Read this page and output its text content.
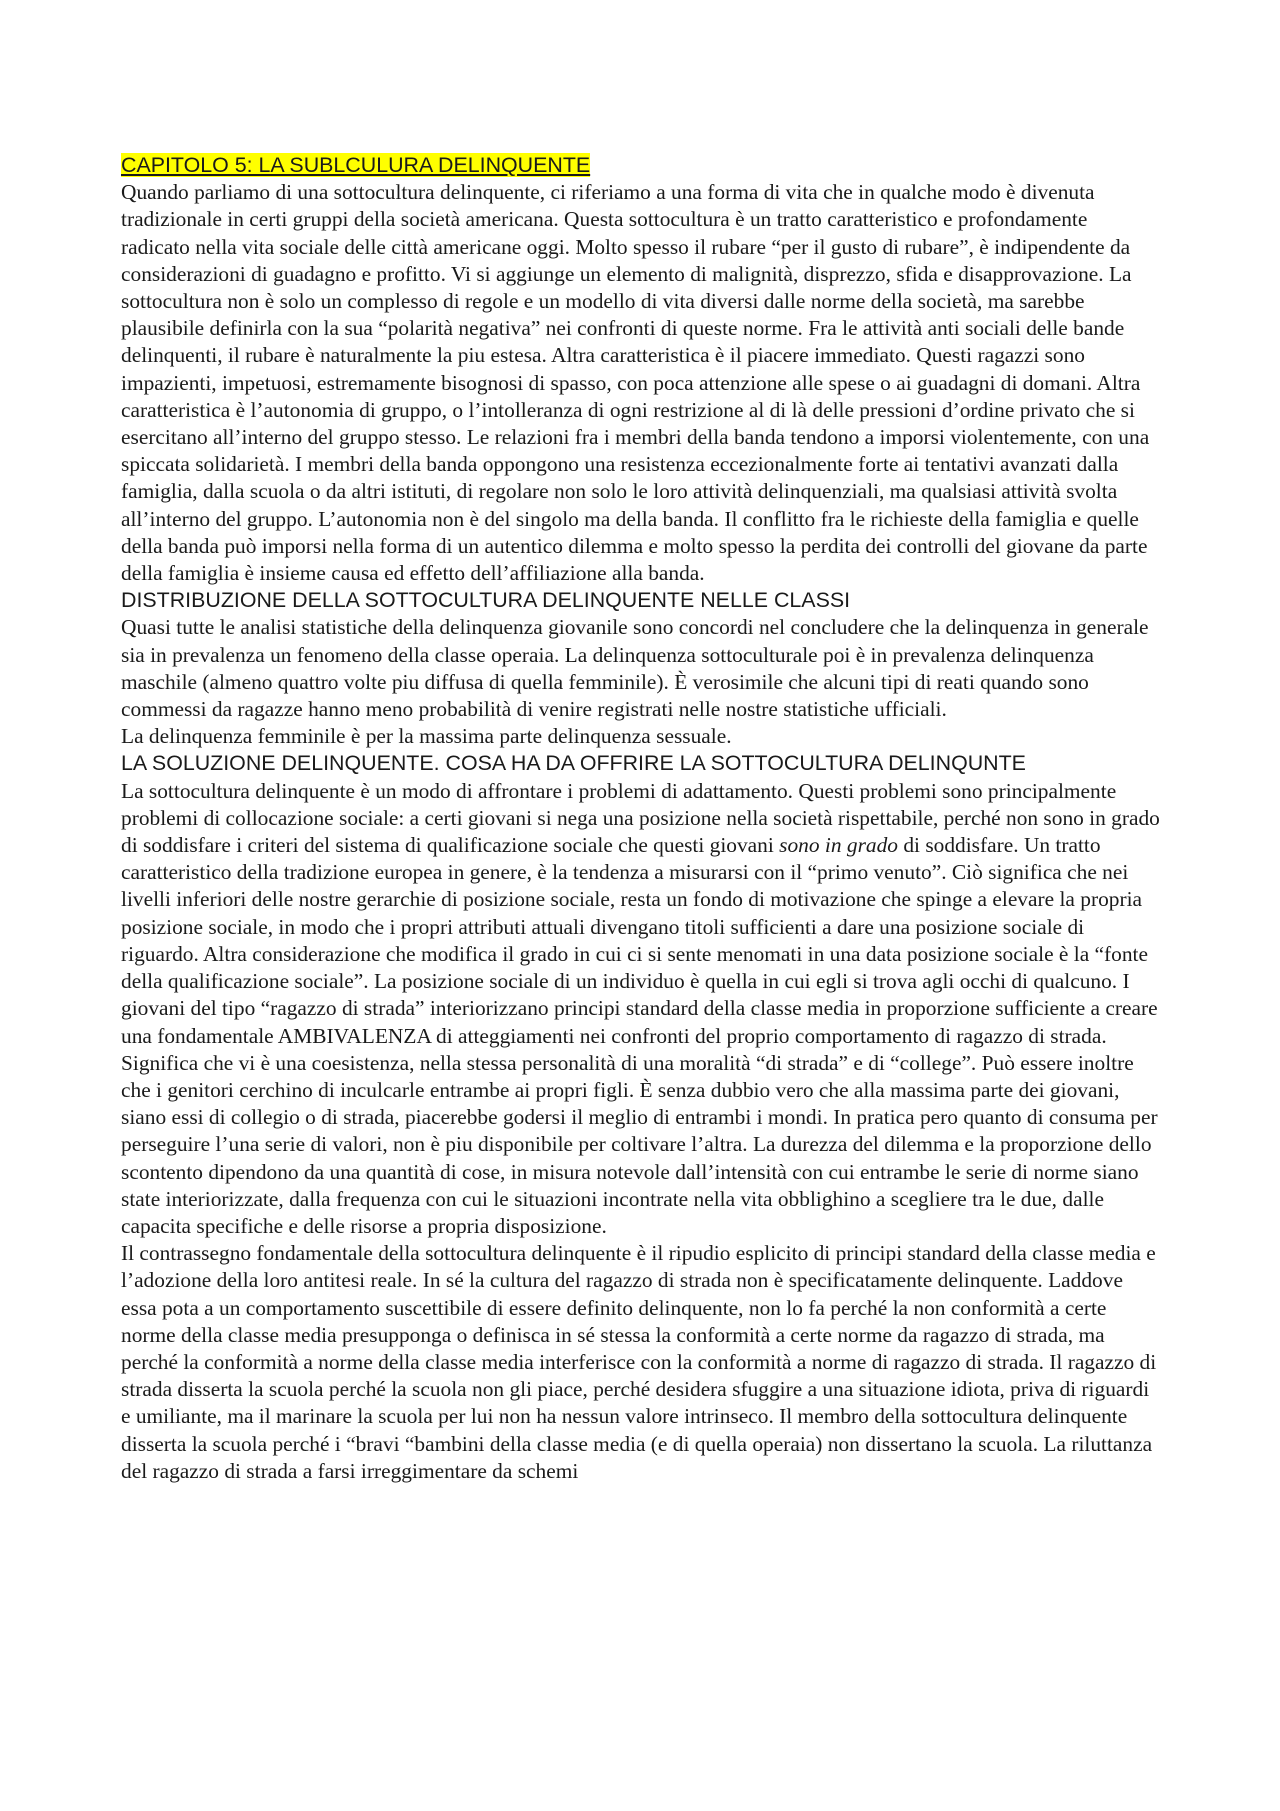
CAPITOLO 5: LA SUBLCULURA DELINQUENTE

Quando parliamo di una sottocultura delinquente, ci riferiamo a una forma di vita che in qualche modo è divenuta tradizionale in certi gruppi della società americana. Questa sottocultura è un tratto caratteristico e profondamente radicato nella vita sociale delle città americane oggi. Molto spesso il rubare “per il gusto di rubare”, è indipendente da considerazioni di guadagno e profitto. Vi si aggiunge un elemento di malignità, disprezzo, sfida e disapprovazione. La sottocultura non è solo un complesso di regole e un modello di vita diversi dalle norme della società, ma sarebbe plausibile definirla con la sua “polarità negativa” nei confronti di queste norme. Fra le attività anti sociali delle bande delinquenti, il rubare è naturalmente la piu estesa. Altra caratteristica è il piacere immediato. Questi ragazzi sono impazienti, impetuosi, estremamente bisognosi di spasso, con poca attenzione alle spese o ai guadagni di domani. Altra caratteristica è l’autonomia di gruppo, o l’intolleranza di ogni restrizione al di là delle pressioni d’ordine privato che si esercitano all’interno del gruppo stesso. Le relazioni fra i membri della banda tendono a imporsi violentemente, con una spiccata solidarietà. I membri della banda oppongono una resistenza eccezionalmente forte ai tentativi avanzati dalla famiglia, dalla scuola o da altri istituti, di regolare non solo le loro attività delinquenziali, ma qualsiasi attività svolta all’interno del gruppo. L’autonomia non è del singolo ma della banda. Il conflitto fra le richieste della famiglia e quelle della banda può imporsi nella forma di un autentico dilemma e molto spesso la perdita dei controlli del giovane da parte della famiglia è insieme causa ed effetto dell’affiliazione alla banda.

DISTRIBUZIONE DELLA SOTTOCULTURA DELINQUENTE NELLE CLASSI

Quasi tutte le analisi statistiche della delinquenza giovanile sono concordi nel concludere che la delinquenza in generale sia in prevalenza un fenomeno della classe operaia. La delinquenza sottoculturale poi è in prevalenza delinquenza maschile (almeno quattro volte piu diffusa di quella femminile). È verosimile che alcuni tipi di reati quando sono commessi da ragazze hanno meno probabilità di venire registrati nelle nostre statistiche ufficiali.

La delinquenza femminile è per la massima parte delinquenza sessuale.

LA SOLUZIONE DELINQUENTE. COSA HA DA OFFRIRE LA SOTTOCULTURA DELINQUNTE

La sottocultura delinquente è un modo di affrontare i problemi di adattamento. Questi problemi sono principalmente problemi di collocazione sociale: a certi giovani si nega una posizione nella società rispettabile, perché non sono in grado di soddisfare i criteri del sistema di qualificazione sociale che questi giovani sono in grado di soddisfare. Un tratto caratteristico della tradizione europea in genere, è la tendenza a misurarsi con il “primo venuto”. Ciò significa che nei livelli inferiori delle nostre gerarchie di posizione sociale, resta un fondo di motivazione che spinge a elevare la propria posizione sociale, in modo che i propri attributi attuali divengano titoli sufficienti a dare una posizione sociale di riguardo. Altra considerazione che modifica il grado in cui ci si sente menomati in una data posizione sociale è la “fonte della qualificazione sociale”. La posizione sociale di un individuo è quella in cui egli si trova agli occhi di qualcuno. I giovani del tipo “ragazzo di strada” interiorizzano principi standard della classe media in proporzione sufficiente a creare una fondamentale AMBIVALENZA di atteggiamenti nei confronti del proprio comportamento di ragazzo di strada. Significa che vi è una coesistenza, nella stessa personalità di una moralità “di strada” e di “college”. Può essere inoltre che i genitori cerchino di inculcarle entrambe ai propri figli. È senza dubbio vero che alla massima parte dei giovani, siano essi di collegio o di strada, piacerebbe godersi il meglio di entrambi i mondi. In pratica pero quanto di consuma per perseguire l’una serie di valori, non è piu disponibile per coltivare l’altra. La durezza del dilemma e la proporzione dello scontento dipendono da una quantità di cose, in misura notevole dall’intensità con cui entrambe le serie di norme siano state interiorizzate, dalla frequenza con cui le situazioni incontrate nella vita obblighino a scegliere tra le due, dalle capacita specifiche e delle risorse a propria disposizione.

Il contrassegno fondamentale della sottocultura delinquente è il ripudio esplicito di principi standard della classe media e l’adozione della loro antitesi reale. In sé la cultura del ragazzo di strada non è specificatamente delinquente. Laddove essa pota a un comportamento suscettibile di essere definito delinquente, non lo fa perché la non conformità a certe norme della classe media presupponga o definisca in sé stessa la conformità a certe norme da ragazzo di strada, ma perché la conformità a norme della classe media interferisce con la conformità a norme di ragazzo di strada. Il ragazzo di strada disserta la scuola perché la scuola non gli piace, perché desidera sfuggire a una situazione idiota, priva di riguardi e umiliante, ma il marinare la scuola per lui non ha nessun valore intrinseco. Il membro della sottocultura delinquente disserta la scuola perché i “bravi “bambini della classe media (e di quella operaia) non dissertano la scuola. La riluttanza del ragazzo di strada a farsi irreggimentare da schemi
